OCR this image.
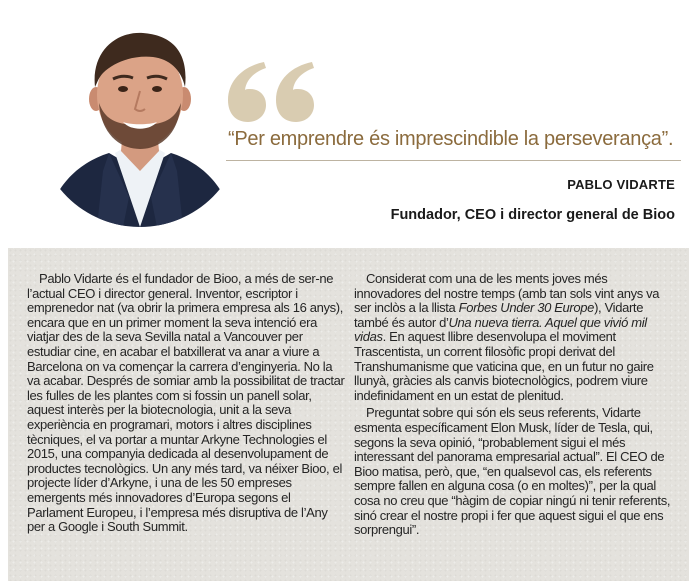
“Per emprendre és imprescindible la perseverança”.
PABLO VIDARTE
Fundador, CEO i director general de Bioo

Pablo Vidarte és el fundador de Bioo, a més de ser-ne l’actual CEO i director general. Inventor, escriptor i emprenedor nat (va obrir la primera empresa als 16 anys), encara que en un primer moment la seva intenció era viatjar des de la seva Sevilla natal a Vancouver per estudiar cine, en acabar el batxillerat va anar a viure a Barcelona on va començar la carrera d’enginyeria. No la va acabar. Després de somiar amb la possibilitat de tractar les fulles de les plantes com si fossin un panell solar, aquest interès per la biotecnologia, unit a la seva experiència en programari, motors i altres disciplines tècniques, el va portar a muntar Arkyne Technologies el 2015, una companyia dedicada al desenvolupament de productes tecnològics. Un any més tard, va néixer Bioo, el projecte líder d’Arkyne, i una de les 50 empreses emergents més innovadores d’Europa segons el Parlament Europeu, i l’empresa més disruptiva de l’Any per a Google i South Summit.

Considerat com una de les ments joves més innovadores del nostre temps (amb tan sols vint anys va ser inclòs a la llista Forbes Under 30 Europe), Vidarte també és autor d’Una nueva tierra. Aquel que vivió mil vidas. En aquest llibre desenvolupa el moviment Trascentista, un corrent filosòfic propi derivat del Transhumanisme que vaticina que, en un futur no gaire llunyà, gràcies als canvis biotecnològics, podrem viure indefinidament en un estat de plenitud.

Preguntat sobre qui són els seus referents, Vidarte esmenta específicament Elon Musk, líder de Tesla, qui, segons la seva opinió, “probablement sigui el més interessant del panorama empresarial actual”. El CEO de Bioo matisa, però, que, “en qualsevol cas, els referents sempre fallen en alguna cosa (o en moltes)”, per la qual cosa no creu que “hàgim de copiar ningú ni tenir referents, sinó crear el nostre propi i fer que aquest sigui el que ens sorprengui”.
